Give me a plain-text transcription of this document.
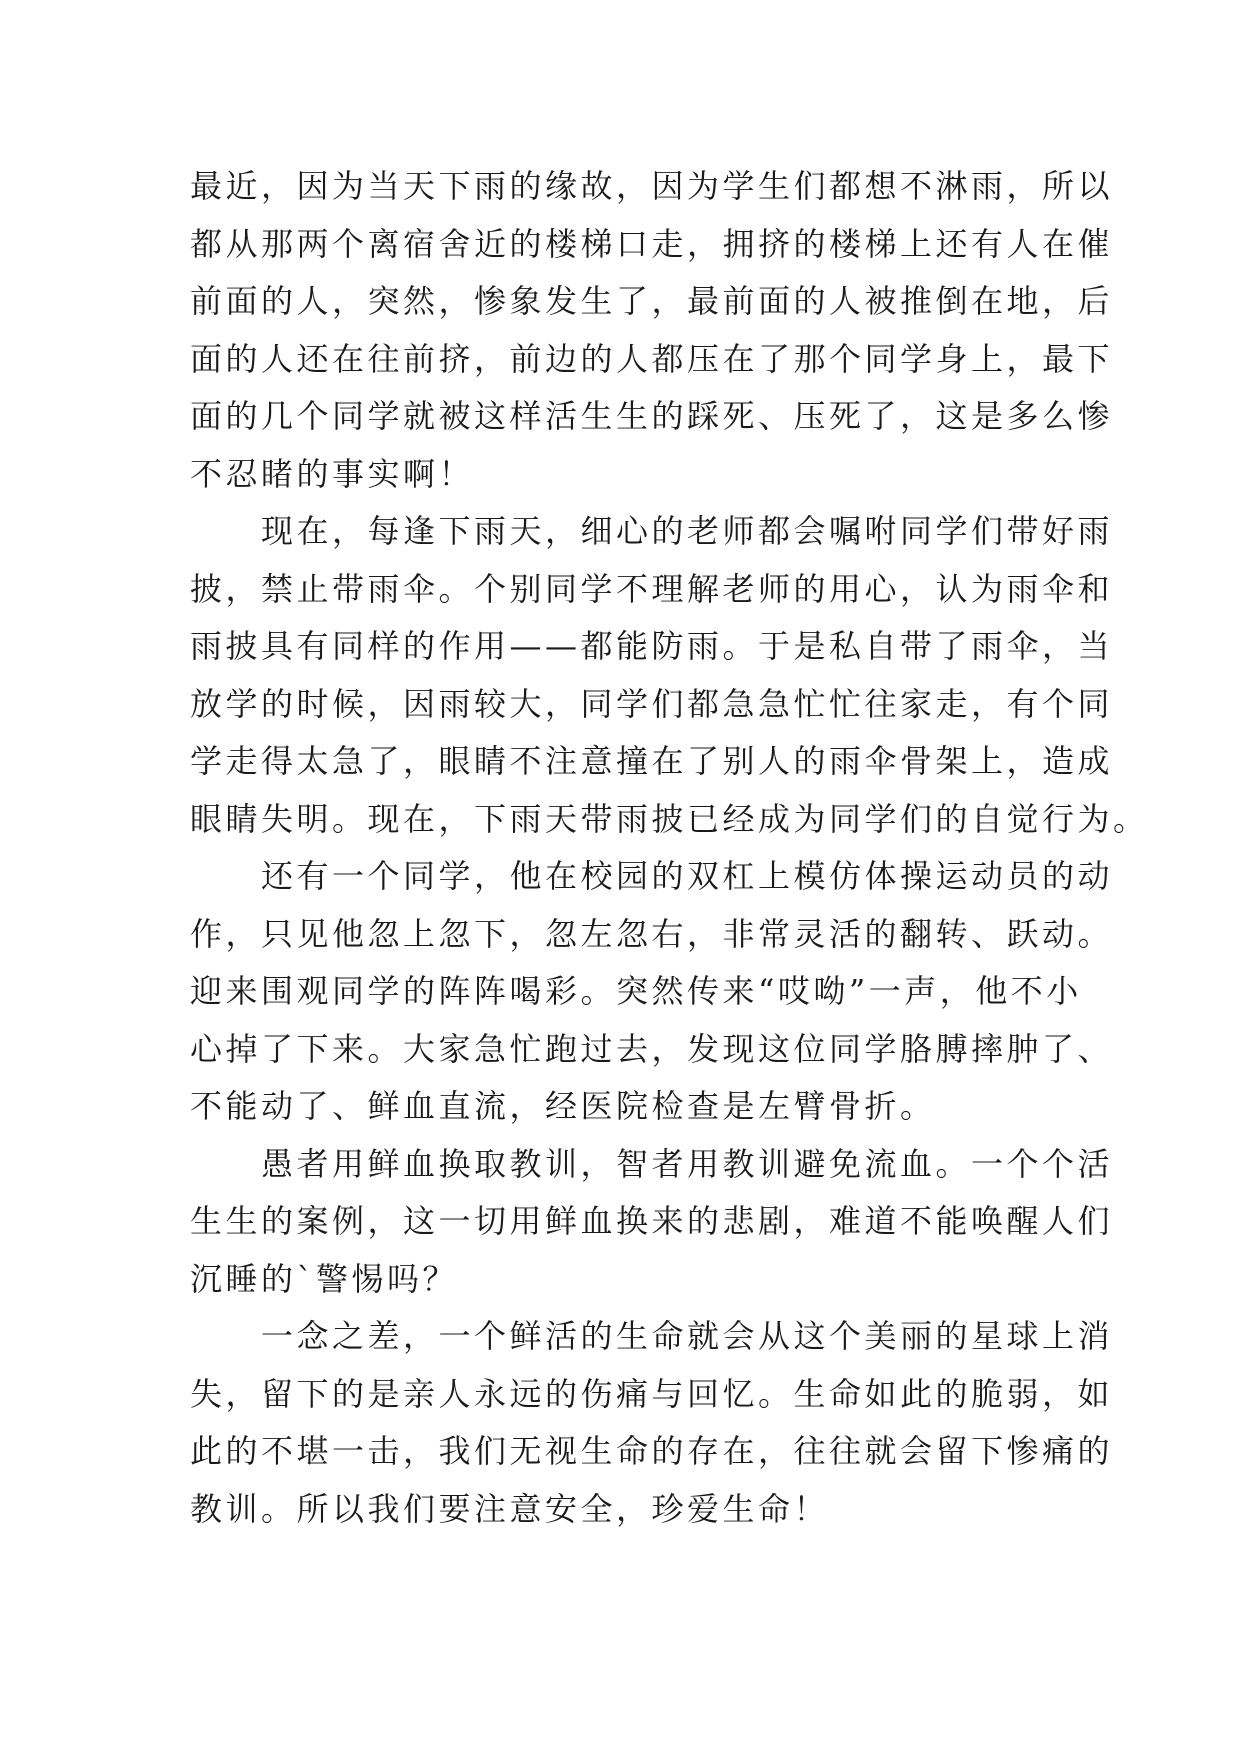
最近，因为当天下雨的缘故，因为学生们都想不淋雨，所以
都从那两个离宿舍近的楼梯口走，拥挤的楼梯上还有人在催
前面的人，突然，惨象发生了，最前面的人被推倒在地，后
面的人还在往前挤，前边的人都压在了那个同学身上，最下
面的几个同学就被这样活生生的踩死、压死了，这是多么惨
不忍睹的事实啊！
　　现在，每逢下雨天，细心的老师都会嘱咐同学们带好雨
披，禁止带雨伞。个别同学不理解老师的用心，认为雨伞和
雨披具有同样的作用——都能防雨。于是私自带了雨伞，当
放学的时候，因雨较大，同学们都急急忙忙往家走，有个同
学走得太急了，眼睛不注意撞在了别人的雨伞骨架上，造成
眼睛失明。现在，下雨天带雨披已经成为同学们的自觉行为。
　　还有一个同学，他在校园的双杠上模仿体操运动员的动
作，只见他忽上忽下，忽左忽右，非常灵活的翻转、跃动。
迎来围观同学的阵阵喝彩。突然传来“哎呦”一声，他不小
心掉了下来。大家急忙跑过去，发现这位同学胳膊摔肿了、
不能动了、鲜血直流，经医院检查是左臂骨折。
　　愚者用鲜血换取教训，智者用教训避免流血。一个个活
生生的案例，这一切用鲜血换来的悲剧，难道不能唤醒人们
沉睡的`警惕吗？
　　一念之差，一个鲜活的生命就会从这个美丽的星球上消
失，留下的是亲人永远的伤痛与回忆。生命如此的脆弱，如
此的不堪一击，我们无视生命的存在，往往就会留下惨痛的
教训。所以我们要注意安全，珍爱生命！
